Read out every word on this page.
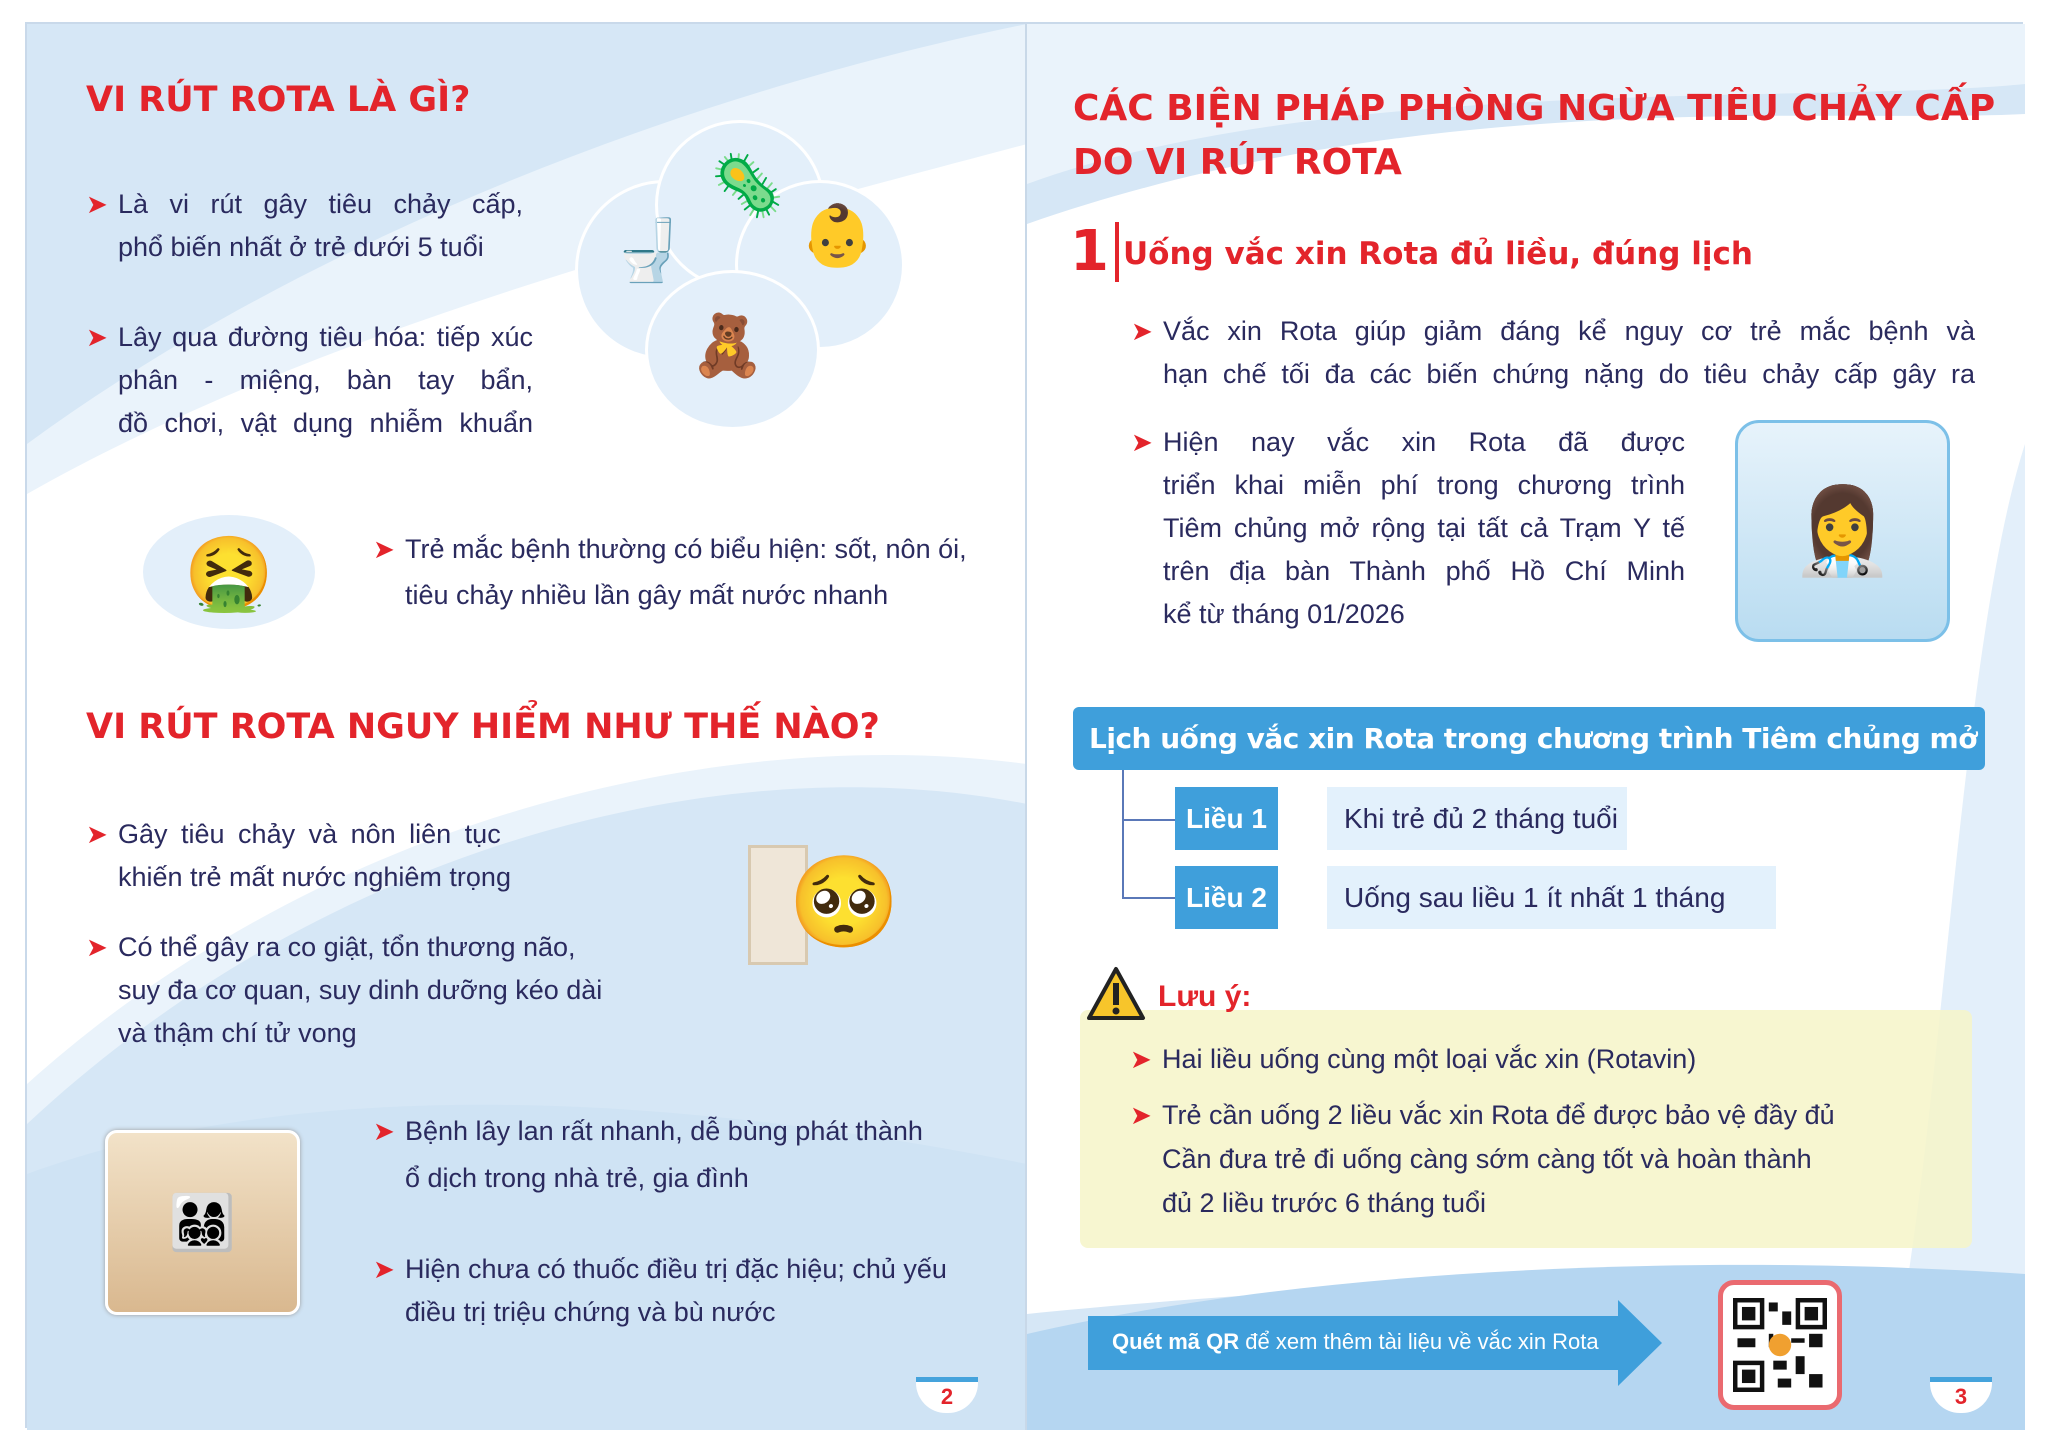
VI RÚT ROTA LÀ GÌ?
➤ Là vi rút gây tiêu chảy cấp,
phổ biến nhất ở trẻ dưới 5 tuổi
➤ Lây qua đường tiêu hóa: tiếp xúc
phân - miệng, bàn tay bẩn,
đồ chơi, vật dụng nhiễm khuẩn
🦠
👶
🚽
🧸
🤮	➤ Trẻ mắc bệnh thường có biểu hiện: sốt, nôn ói,
tiêu chảy nhiều lần gây mất nước nhanh
VI RÚT ROTA NGUY HIỂM NHƯ THẾ NÀO?
➤ Gây tiêu chảy và nôn liên tục
khiến trẻ mất nước nghiêm trọng
➤ Có thể gây ra co giật, tổn thương não,
suy đa cơ quan, suy dinh dưỡng kéo dài
và thậm chí tử vong
🥺
👨‍👩‍👧‍👦
➤ Bệnh lây lan rất nhanh, dễ bùng phát thành
ổ dịch trong nhà trẻ, gia đình
➤ Hiện chưa có thuốc điều trị đặc hiệu; chủ yếu
điều trị triệu chứng và bù nước
2
CÁC BIỆN PHÁP PHÒNG NGỪA TIÊU CHẢY CẤP
DO VI RÚT ROTA
1 Uống vắc xin Rota đủ liều, đúng lịch
➤ Vắc xin Rota giúp giảm đáng kể nguy cơ trẻ mắc bệnh và
hạn chế tối đa các biến chứng nặng do tiêu chảy cấp gây ra
➤ Hiện nay vắc xin Rota đã được
triển khai miễn phí trong chương trình
Tiêm chủng mở rộng tại tất cả Trạm Y tế
trên địa bàn Thành phố Hồ Chí Minh
kể từ tháng 01/2026
👩‍⚕️
Lịch uống vắc xin Rota trong chương trình Tiêm chủng mở rộng
Liều 1	Khi trẻ đủ 2 tháng tuổi
Liều 2	Uống sau liều 1 ít nhất 1 tháng
Lưu ý:
➤ Hai liều uống cùng một loại vắc xin (Rotavin)
➤ Trẻ cần uống 2 liều vắc xin Rota để được bảo vệ đầy đủ
Cần đưa trẻ đi uống càng sớm càng tốt và hoàn thành
đủ 2 liều trước 6 tháng tuổi
Quét mã QR để xem thêm tài liệu về vắc xin Rota
3
